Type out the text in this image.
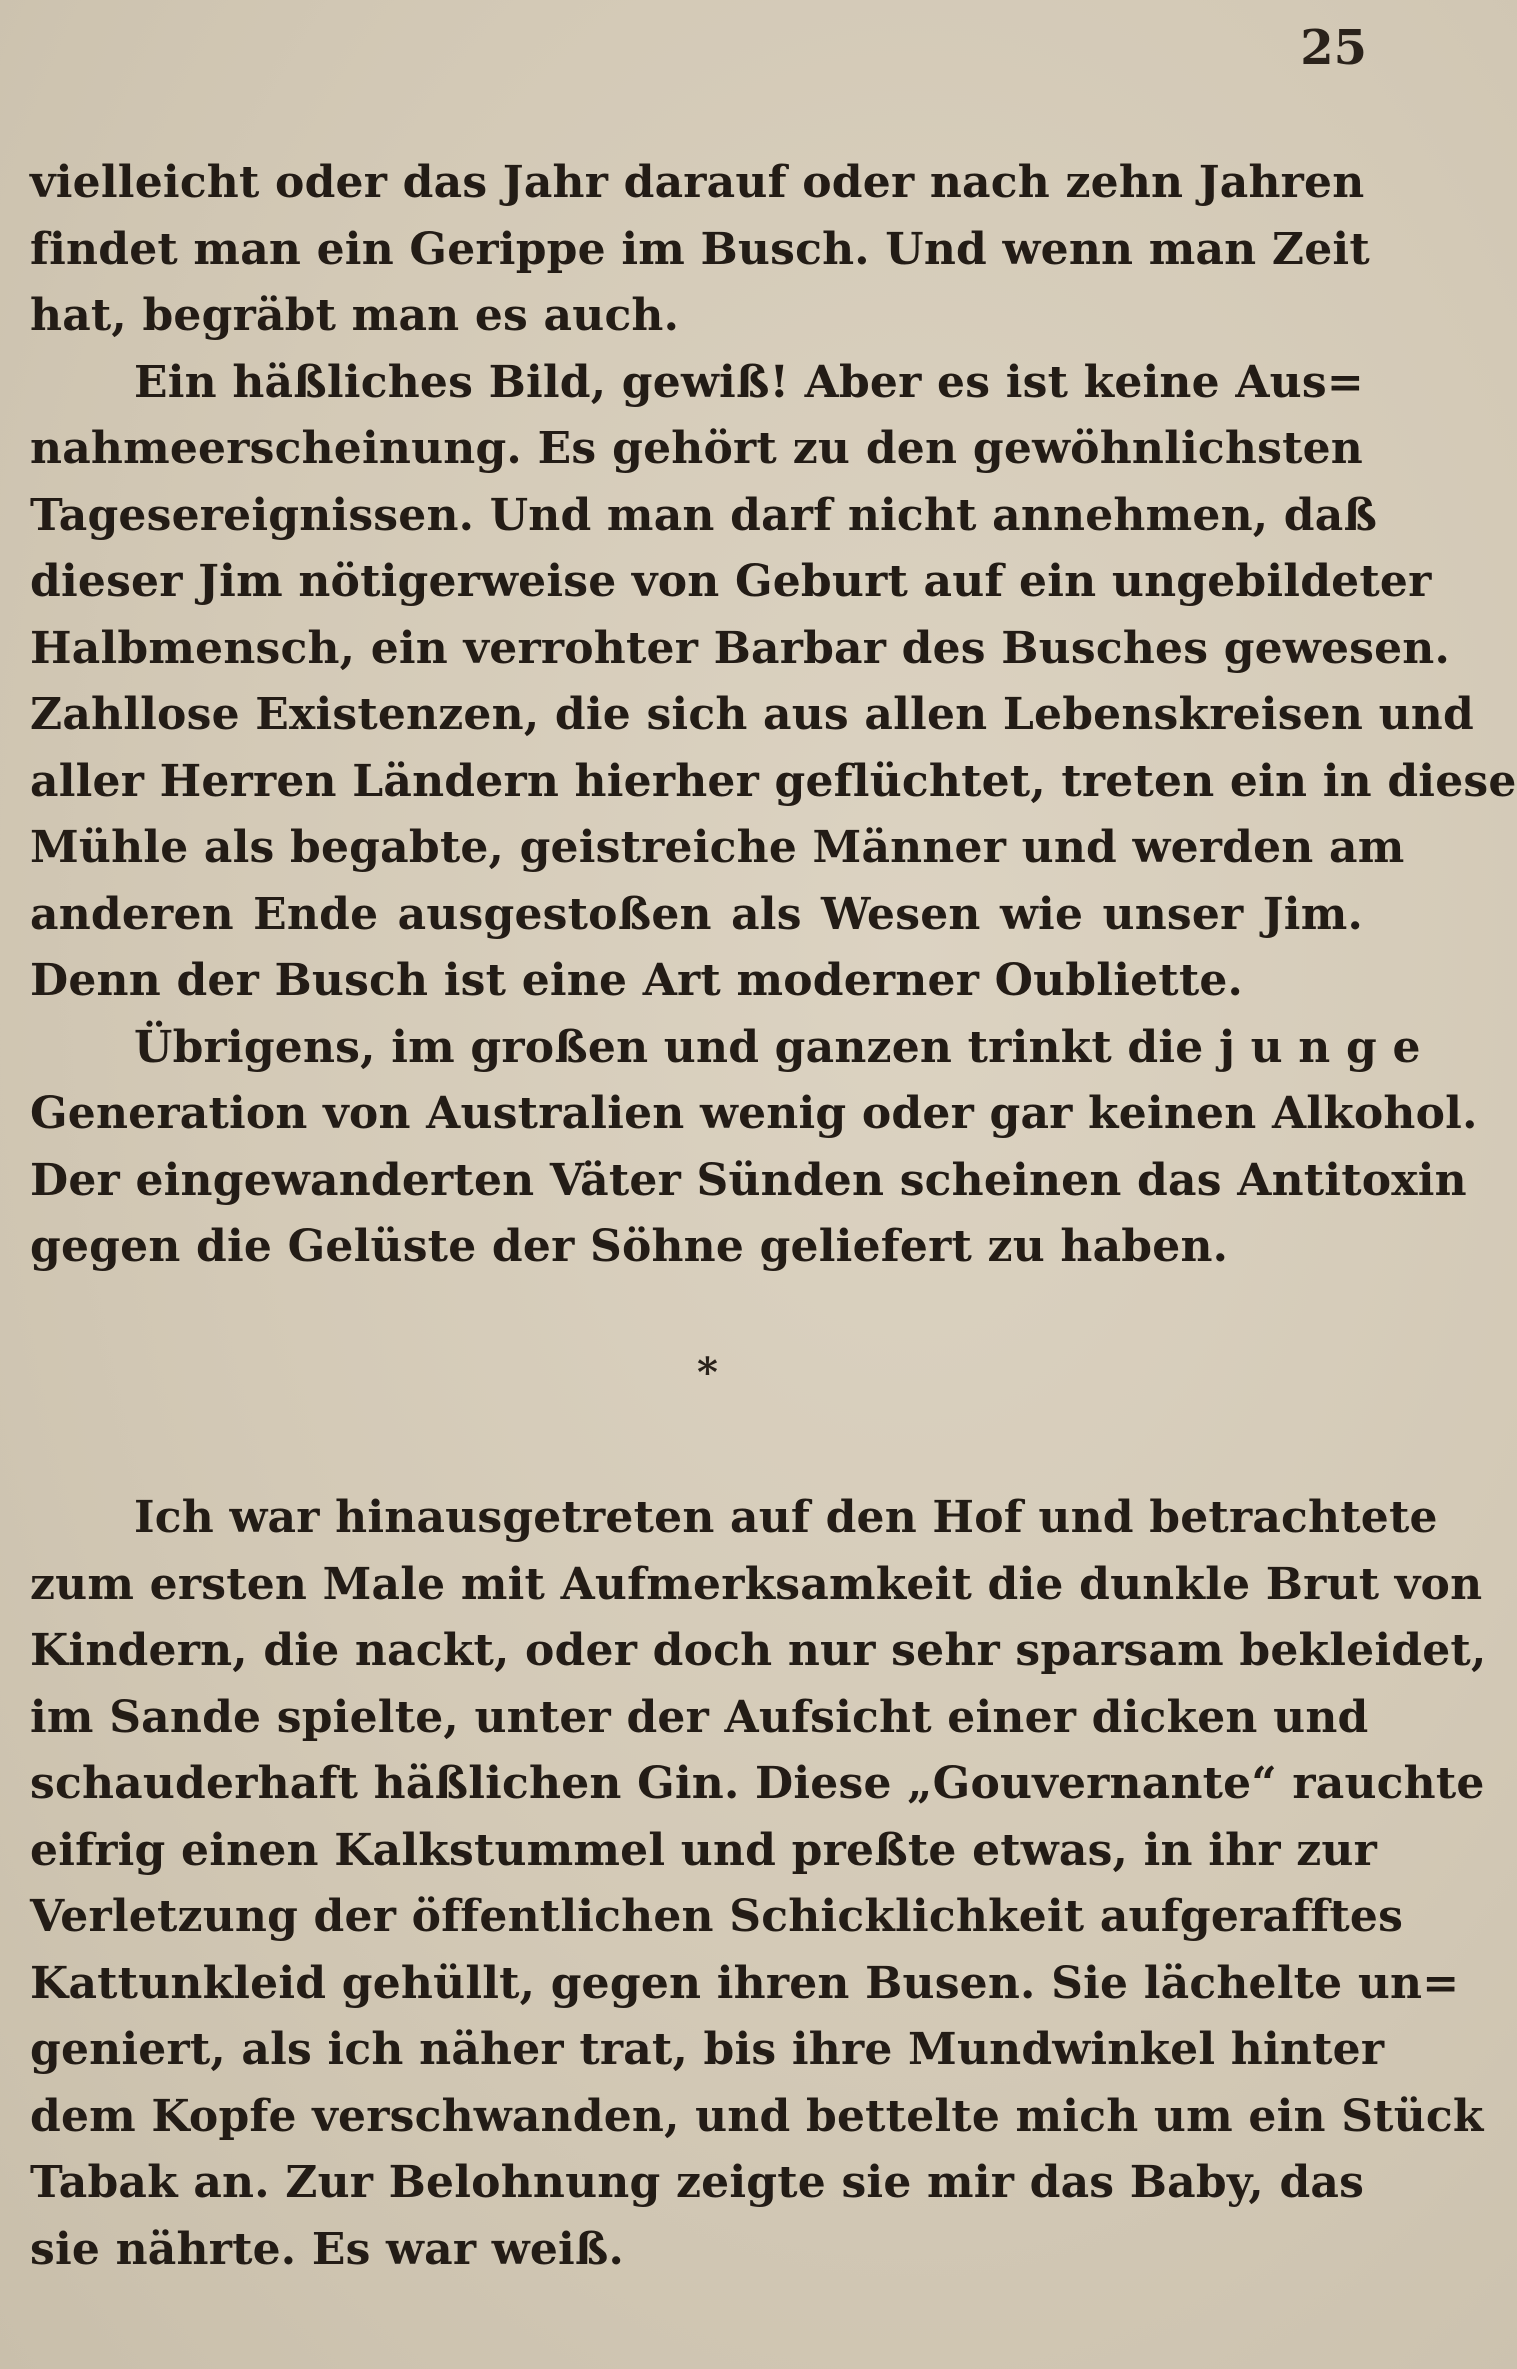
25
vielleicht oder das Jahr darauf oder nach zehn Jahren
findet man ein Gerippe im Busch. Und wenn man Zeit
hat, begräbt man es auch.
Ein häßliches Bild, gewiß! Aber es ist keine Aus=
nahmeerscheinung. Es gehört zu den gewöhnlichsten
Tagesereignissen. Und man darf nicht annehmen, daß
dieser Jim nötigerweise von Geburt auf ein ungebildeter
Halbmensch, ein verrohter Barbar des Busches gewesen.
Zahllose Existenzen, die sich aus allen Lebenskreisen und
aller Herren Ländern hierher geflüchtet, treten ein in diese
Mühle als begabte, geistreiche Männer und werden am
anderen Ende ausgestoßen als Wesen wie unser Jim.
Denn der Busch ist eine Art moderner Oubliette.
Übrigens, im großen und ganzen trinkt die j u n g e
Generation von Australien wenig oder gar keinen Alkohol.
Der eingewanderten Väter Sünden scheinen das Antitoxin
gegen die Gelüste der Söhne geliefert zu haben.
*
Ich war hinausgetreten auf den Hof und betrachtete
zum ersten Male mit Aufmerksamkeit die dunkle Brut von
Kindern, die nackt, oder doch nur sehr sparsam bekleidet,
im Sande spielte, unter der Aufsicht einer dicken und
schauderhaft häßlichen Gin. Diese „Gouvernante“ rauchte
eifrig einen Kalkstummel und preßte etwas, in ihr zur
Verletzung der öffentlichen Schicklichkeit aufgerafftes
Kattunkleid gehüllt, gegen ihren Busen. Sie lächelte un=
geniert, als ich näher trat, bis ihre Mundwinkel hinter
dem Kopfe verschwanden, und bettelte mich um ein Stück
Tabak an. Zur Belohnung zeigte sie mir das Baby, das
sie nährte. Es war weiß.
